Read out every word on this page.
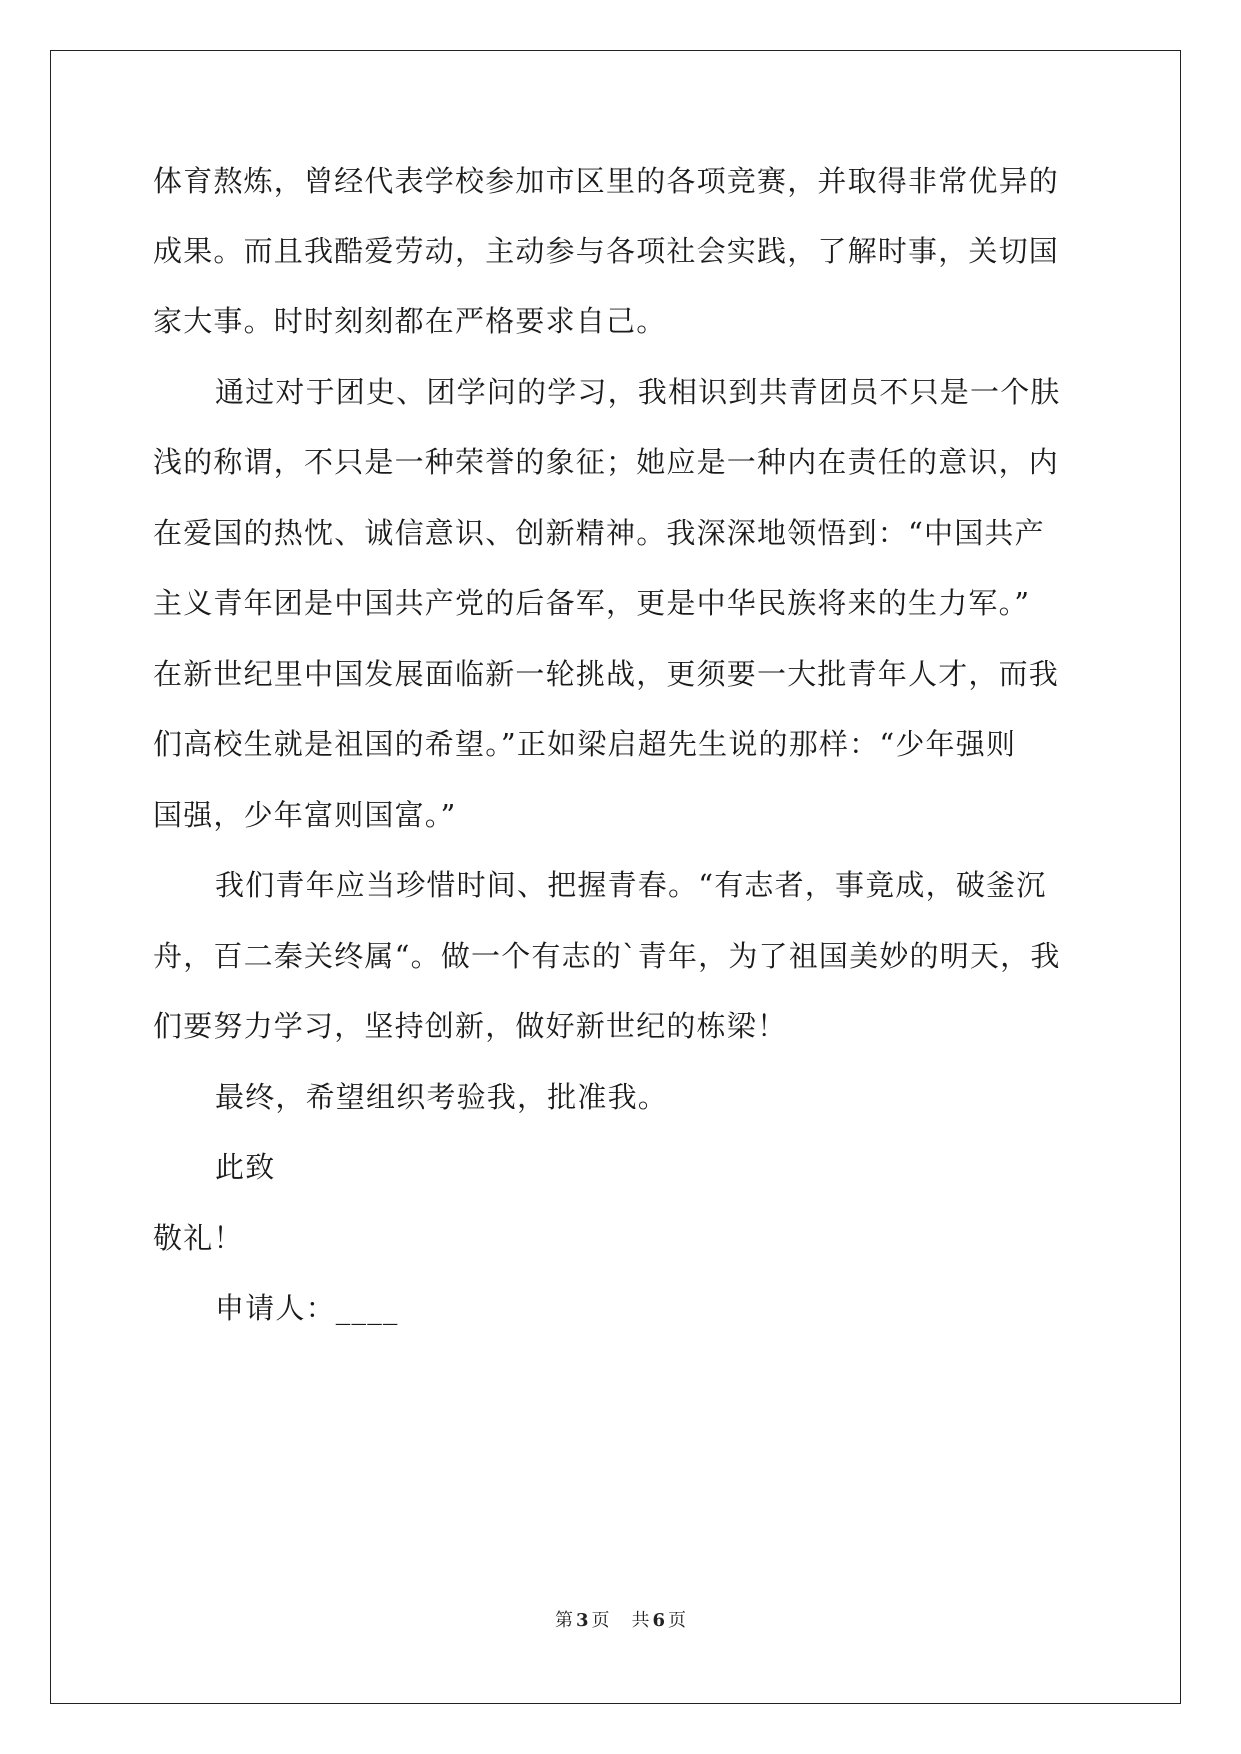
体育熬炼，曾经代表学校参加市区里的各项竞赛，并取得非常优异的
成果。而且我酷爱劳动，主动参与各项社会实践，了解时事，关切国
家大事。时时刻刻都在严格要求自己。
通过对于团史、团学问的学习，我相识到共青团员不只是一个肤
浅的称谓，不只是一种荣誉的象征；她应是一种内在责任的意识，内
在爱国的热忱、诚信意识、创新精神。我深深地领悟到：“中国共产
主义青年团是中国共产党的后备军，更是中华民族将来的生力军。”
在新世纪里中国发展面临新一轮挑战，更须要一大批青年人才，而我
们高校生就是祖国的希望。”正如梁启超先生说的那样：“少年强则
国强，少年富则国富。”
我们青年应当珍惜时间、把握青春。“有志者，事竟成，破釜沉
舟，百二秦关终属“。做一个有志的`青年，为了祖国美妙的明天，我
们要努力学习，坚持创新，做好新世纪的栋梁！
最终，希望组织考验我，批准我。
此致
敬礼！
申请人：____
第 3 页 共 6 页
